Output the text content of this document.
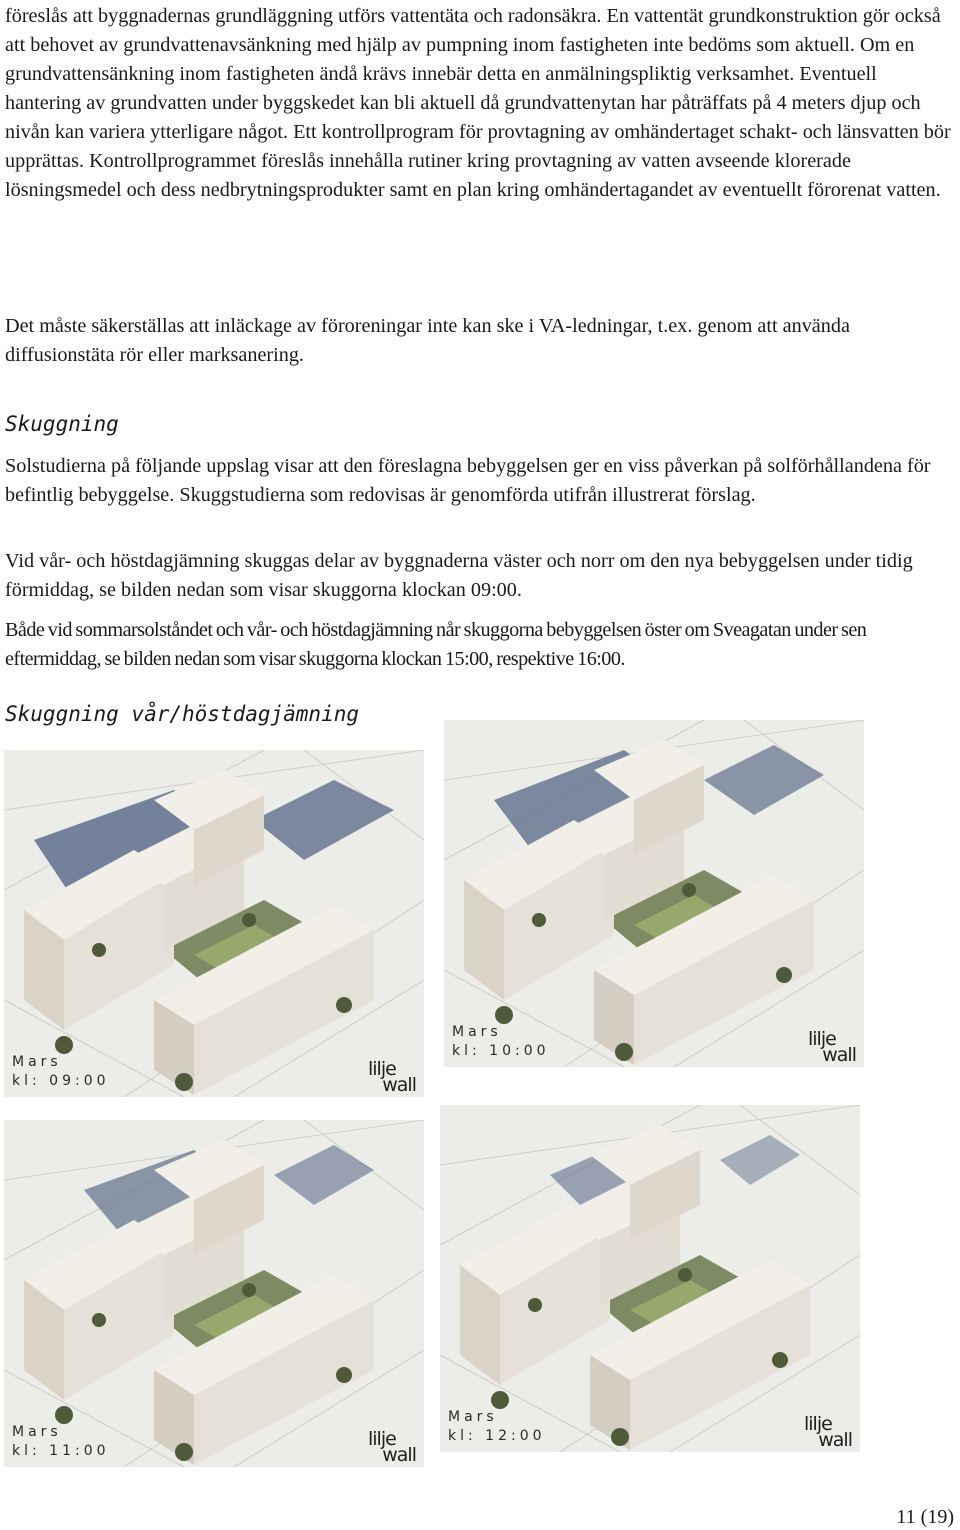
föreslås att byggnadernas grundläggning utförs vattentäta och radonsäkra. En vattentät grundkonstruktion gör också att behovet av grundvattenavsänkning med hjälp av pumpning inom fastigheten inte bedöms som aktuell. Om en grundvattensänkning inom fastigheten ändå krävs innebär detta en anmälningspliktig verksamhet. Eventuell hantering av grundvatten under byggskedet kan bli aktuell då grundvattenytan har påträffats på 4 meters djup och nivån kan variera ytterligare något. Ett kontrollprogram för provtagning av omhändertaget schakt- och länsvatten bör upprättas. Kontrollprogrammet föreslås innehålla rutiner kring provtagning av vatten avseende klorerade lösningsmedel och dess nedbrytningsprodukter samt en plan kring omhändertagandet av eventuellt förorenat vatten.

Det måste säkerställas att inläckage av föroreningar inte kan ske i VA-ledningar, t.ex. genom att använda diffusionstäta rör eller marksanering.

Skuggning

Solstudierna på följande uppslag visar att den föreslagna bebyggelsen ger en viss påverkan på solförhållandena för befintlig bebyggelse. Skuggstudierna som redovisas är genomförda utifrån illustrerat förslag.

Vid vår- och höstdagjämning skuggas delar av byggnaderna väster och norr om den nya bebyggelsen under tidig förmiddag, se bilden nedan som visar skuggorna klockan 09:00.

Både vid sommarsolståndet och vår- och höstdagjämning når skuggorna bebyggelsen öster om Sveagatan under sen eftermiddag, se bilden nedan som visar skuggorna klockan 15:00, respektive 16:00.

Skuggning vår/höstdagjämning
Mars
kl: 09:00
lilje
wall
Mars
kl: 10:00
lilje
wall
Mars
kl: 11:00
lilje
wall
Mars
kl: 12:00
lilje
wall
11 (19)
